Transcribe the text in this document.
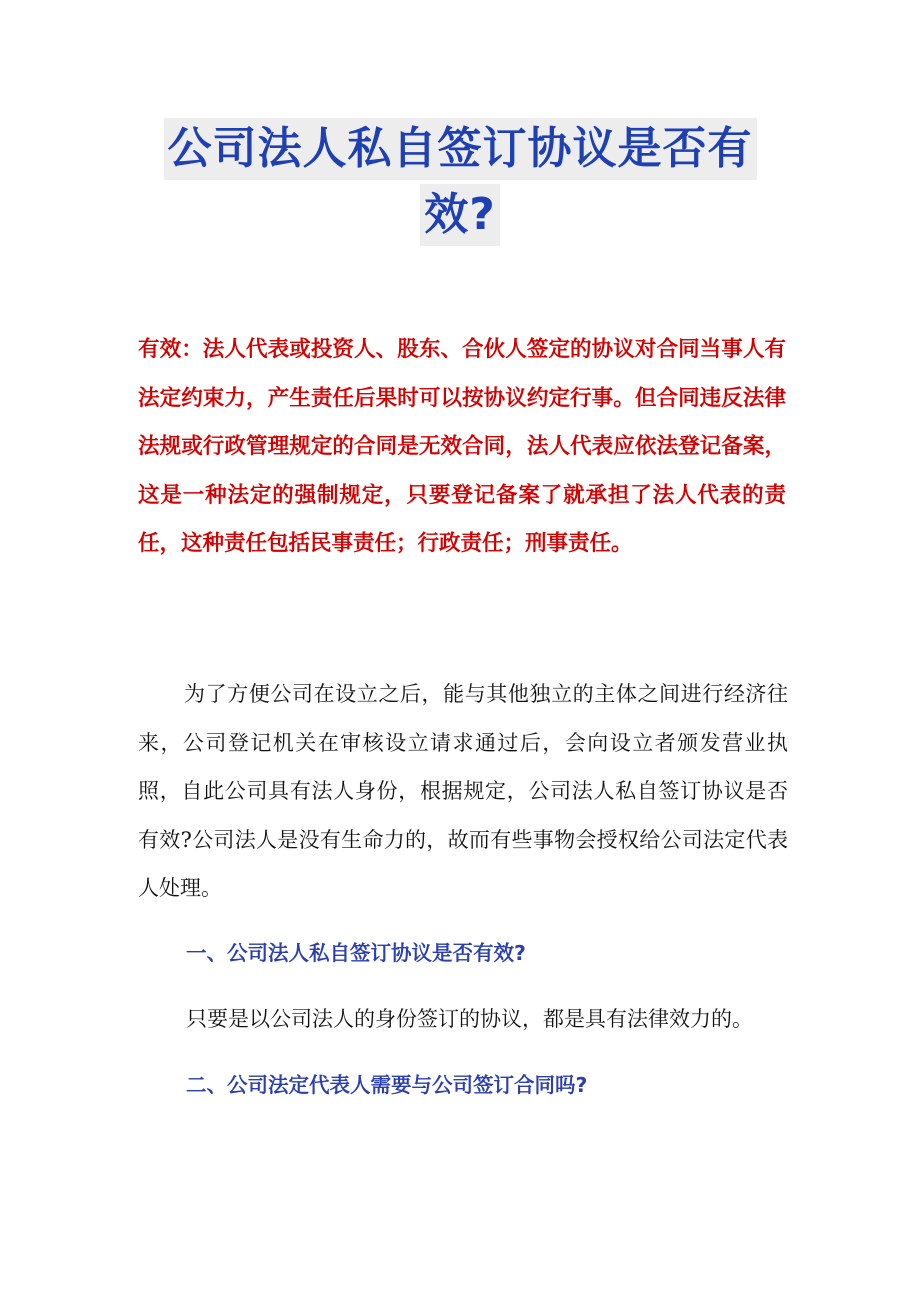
公司法人私自签订协议是否有
效?

有效：法人代表或投资人、股东、合伙人签定的协议对合同当事人有法定约束力，产生责任后果时可以按协议约定行事。但合同违反法律法规或行政管理规定的合同是无效合同，法人代表应依法登记备案，这是一种法定的强制规定，只要登记备案了就承担了法人代表的责任，这种责任包括民事责任；行政责任；刑事责任。

为了方便公司在设立之后，能与其他独立的主体之间进行经济往来，公司登记机关在审核设立请求通过后，会向设立者颁发营业执照，自此公司具有法人身份，根据规定，公司法人私自签订协议是否有效?公司法人是没有生命力的，故而有些事物会授权给公司法定代表人处理。

一、公司法人私自签订协议是否有效?

只要是以公司法人的身份签订的协议，都是具有法律效力的。

二、公司法定代表人需要与公司签订合同吗?
